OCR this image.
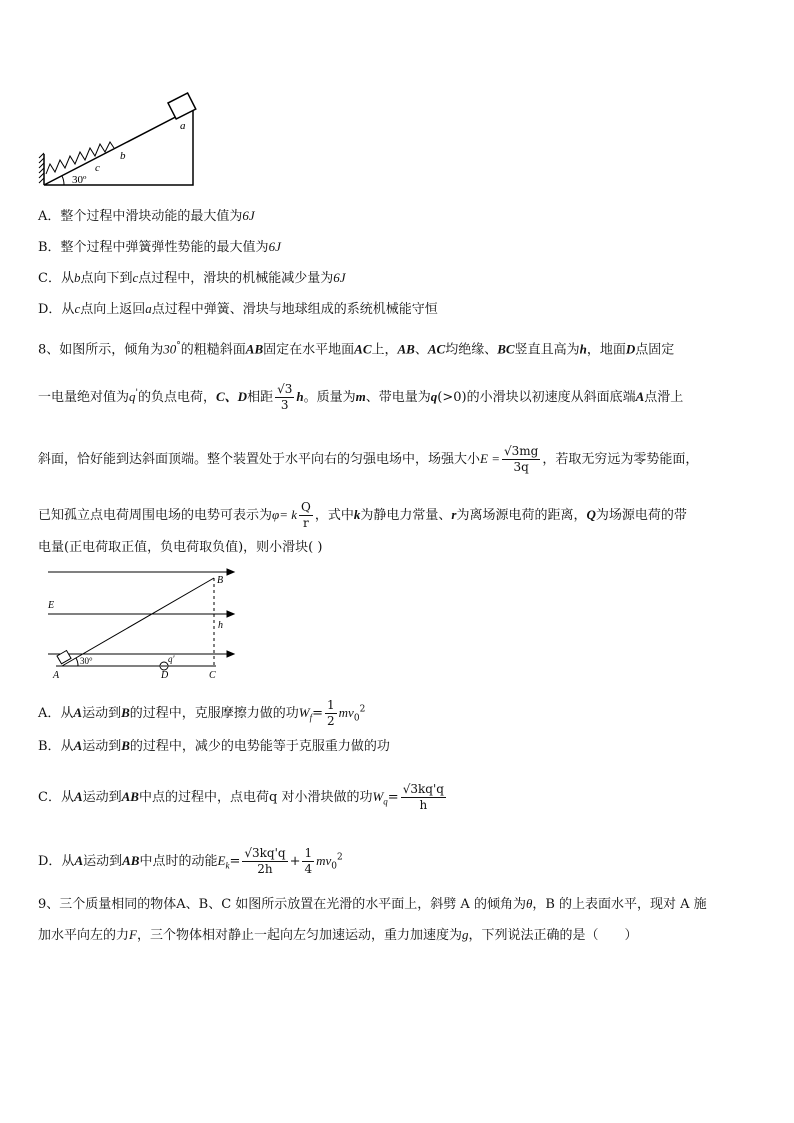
a
b
c
30º
A．整个过程中滑块动能的最大值为6J
B．整个过程中弹簧弹性势能的最大值为6J
C．从b点向下到c点过程中，滑块的机械能减少量为6J
D．从c点向上返回a点过程中弹簧、滑块与地球组成的系统机械能守恒
8、如图所示，倾角为30°的粗糙斜面AB固定在水平地面AC上，AB、AC均绝缘、BC竖直且高为h，地面D点固定
一电量绝对值为q'的负点电荷，C、D相距 $\frac{√3}{3}$ h。质量为m、带电量为q(>0)的小滑块以初速度从斜面底端A点滑上
斜面，恰好能到达斜面顶端。整个装置处于水平向右的匀强电场中，场强大小$E = \frac{√3mg}{3q}$ ，若取无穷远为零势能面，
已知孤立点电荷周围电场的电势可表示为φ= k $\frac{Q}{r}$ ，式中k为静电力常量、r为离场源电荷的距离，Q为场源电荷的带
电量(正电荷取正值，负电荷取负值)，则小滑块( )
B
E
h
A
30°	q'
D	C
A．从A运动到B的过程中，克服摩擦力做的功$W_f= \frac{1}{2} mv_0^2$
B．从A运动到B的过程中，减少的电势能等于克服重力做的功
C．从A运动到AB中点的过程中，点电荷q 对小滑块做的功$W_q= \frac{√3kq'q}{h}$
D．从A运动到AB中点时的动能$E_k= \frac{√3kq'q}{2h} + \frac{1}{4} mv_0^2$
9、三个质量相同的物体A、B、C 如图所示放置在光滑的水平面上，斜劈 A 的倾角为θ，B 的上表面水平，现对 A 施
加水平向左的力F，三个物体相对静止一起向左匀加速运动，重力加速度为g，下列说法正确的是（　　）
